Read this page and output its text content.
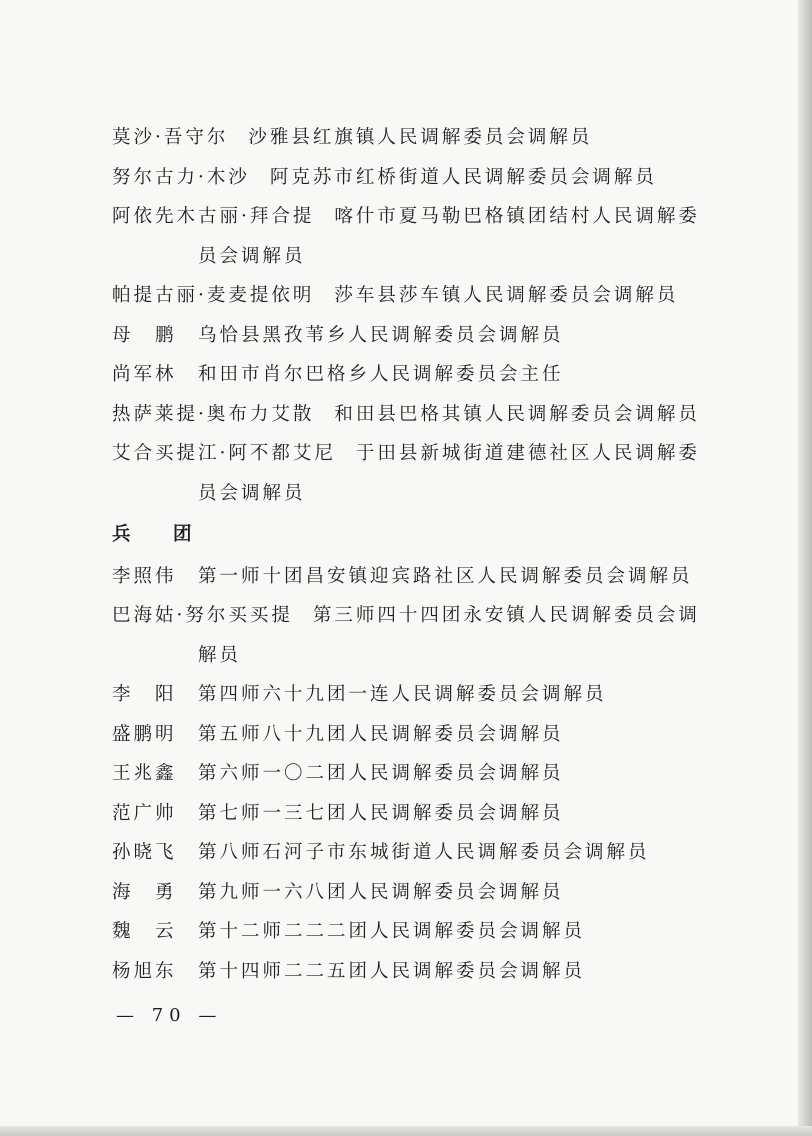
莫沙·吾守尔 沙雅县红旗镇人民调解委员会调解员
努尔古力·木沙 阿克苏市红桥街道人民调解委员会调解员
阿依先木古丽·拜合提 喀什市夏马勒巴格镇团结村人民调解委
员会调解员
帕提古丽·麦麦提依明 莎车县莎车镇人民调解委员会调解员
母　鹏 乌恰县黑孜苇乡人民调解委员会调解员
尚军林 和田市肖尔巴格乡人民调解委员会主任
热萨莱提·奥布力艾散 和田县巴格其镇人民调解委员会调解员
艾合买提江·阿不都艾尼 于田县新城街道建德社区人民调解委
员会调解员
兵　团
李照伟 第一师十团昌安镇迎宾路社区人民调解委员会调解员
巴海姑·努尔买买提 第三师四十四团永安镇人民调解委员会调
解员
李　阳 第四师六十九团一连人民调解委员会调解员
盛鹏明 第五师八十九团人民调解委员会调解员
王兆鑫 第六师一〇二团人民调解委员会调解员
范广帅 第七师一三七团人民调解委员会调解员
孙晓飞 第八师石河子市东城街道人民调解委员会调解员
海　勇 第九师一六八团人民调解委员会调解员
魏　云 第十二师二二二团人民调解委员会调解员
杨旭东 第十四师二二五团人民调解委员会调解员
— 70 —
